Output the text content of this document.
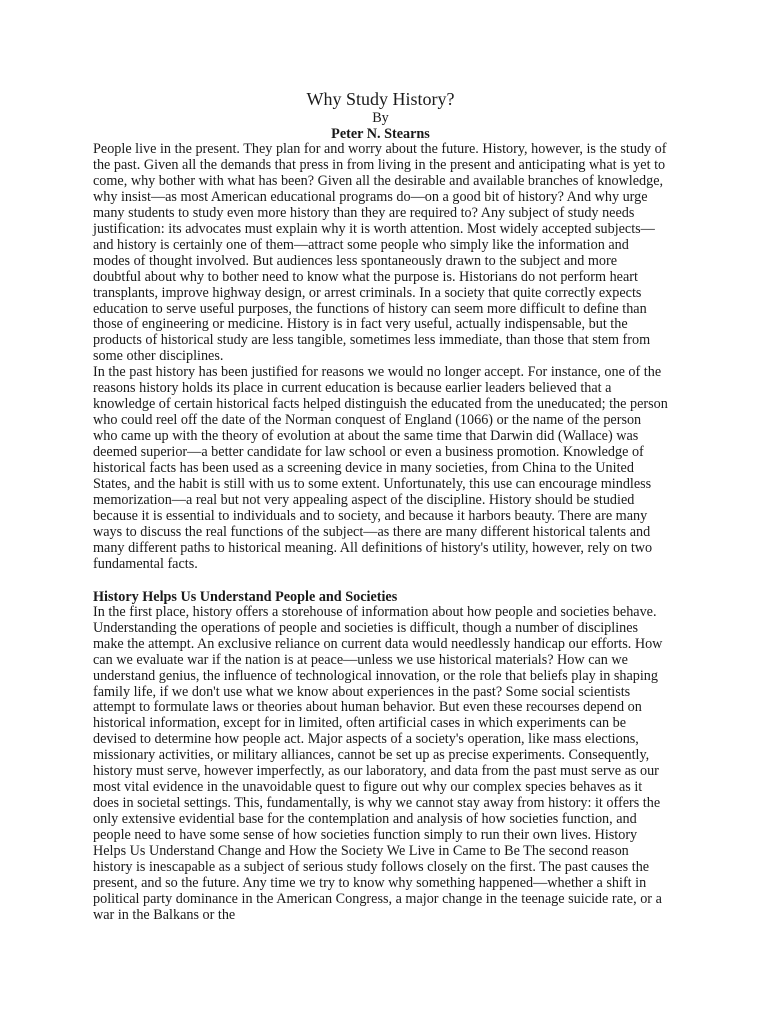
Why Study History?

By

Peter N. Stearns

People live in the present. They plan for and worry about the future. History, however, is the study of the past. Given all the demands that press in from living in the present and anticipating what is yet to come, why bother with what has been? Given all the desirable and available branches of knowledge, why insist—as most American educational programs do—on a good bit of history? And why urge many students to study even more history than they are required to? Any subject of study needs justification: its advocates must explain why it is worth attention. Most widely accepted subjects—and history is certainly one of them—attract some people who simply like the information and modes of thought involved. But audiences less spontaneously drawn to the subject and more doubtful about why to bother need to know what the purpose is. Historians do not perform heart transplants, improve highway design, or arrest criminals. In a society that quite correctly expects education to serve useful purposes, the functions of history can seem more difficult to define than those of engineering or medicine. History is in fact very useful, actually indispensable, but the products of historical study are less tangible, sometimes less immediate, than those that stem from some other disciplines.

In the past history has been justified for reasons we would no longer accept. For instance, one of the reasons history holds its place in current education is because earlier leaders believed that a knowledge of certain historical facts helped distinguish the educated from the uneducated; the person who could reel off the date of the Norman conquest of England (1066) or the name of the person who came up with the theory of evolution at about the same time that Darwin did (Wallace) was deemed superior—a better candidate for law school or even a business promotion. Knowledge of historical facts has been used as a screening device in many societies, from China to the United States, and the habit is still with us to some extent. Unfortunately, this use can encourage mindless memorization—a real but not very appealing aspect of the discipline. History should be studied because it is essential to individuals and to society, and because it harbors beauty. There are many ways to discuss the real functions of the subject—as there are many different historical talents and many different paths to historical meaning. All definitions of history's utility, however, rely on two fundamental facts.

History Helps Us Understand People and Societies

In the first place, history offers a storehouse of information about how people and societies behave. Understanding the operations of people and societies is difficult, though a number of disciplines make the attempt. An exclusive reliance on current data would needlessly handicap our efforts. How can we evaluate war if the nation is at peace—unless we use historical materials? How can we understand genius, the influence of technological innovation, or the role that beliefs play in shaping family life, if we don't use what we know about experiences in the past? Some social scientists attempt to formulate laws or theories about human behavior. But even these recourses depend on historical information, except for in limited, often artificial cases in which experiments can be devised to determine how people act. Major aspects of a society's operation, like mass elections, missionary activities, or military alliances, cannot be set up as precise experiments. Consequently, history must serve, however imperfectly, as our laboratory, and data from the past must serve as our most vital evidence in the unavoidable quest to figure out why our complex species behaves as it does in societal settings. This, fundamentally, is why we cannot stay away from history: it offers the only extensive evidential base for the contemplation and analysis of how societies function, and people need to have some sense of how societies function simply to run their own lives. History Helps Us Understand Change and How the Society We Live in Came to Be The second reason history is inescapable as a subject of serious study follows closely on the first. The past causes the present, and so the future. Any time we try to know why something happened—whether a shift in political party dominance in the American Congress, a major change in the teenage suicide rate, or a war in the Balkans or the
